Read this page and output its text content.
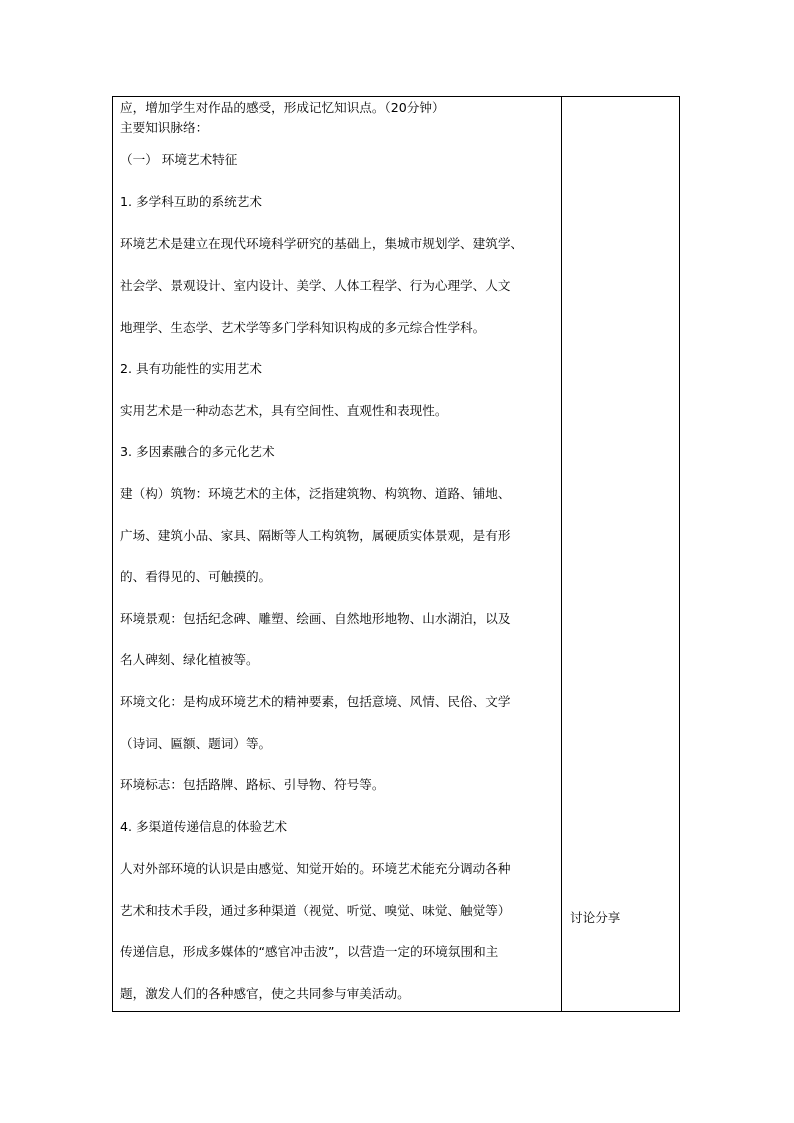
应，增加学生对作品的感受，形成记忆知识点。（20分钟）
主要知识脉络：
（一） 环境艺术特征
1. 多学科互助的系统艺术
环境艺术是建立在现代环境科学研究的基础上，集城市规划学、建筑学、
社会学、景观设计、室内设计、美学、人体工程学、行为心理学、人文
地理学、生态学、艺术学等多门学科知识构成的多元综合性学科。
2. 具有功能性的实用艺术
实用艺术是一种动态艺术，具有空间性、直观性和表现性。
3. 多因素融合的多元化艺术
建（构）筑物：环境艺术的主体，泛指建筑物、构筑物、道路、铺地、
广场、建筑小品、家具、隔断等人工构筑物，属硬质实体景观，是有形
的、看得见的、可触摸的。
环境景观：包括纪念碑、雕塑、绘画、自然地形地物、山水湖泊，以及
名人碑刻、绿化植被等。
环境文化：是构成环境艺术的精神要素，包括意境、风情、民俗、文学
（诗词、匾额、题词）等。
环境标志：包括路牌、路标、引导物、符号等。
4. 多渠道传递信息的体验艺术
人对外部环境的认识是由感觉、知觉开始的。环境艺术能充分调动各种
艺术和技术手段，通过多种渠道（视觉、听觉、嗅觉、味觉、触觉等）
传递信息，形成多媒体的“感官冲击波”，以营造一定的环境氛围和主
题，激发人们的各种感官，使之共同参与审美活动。
讨论分享
